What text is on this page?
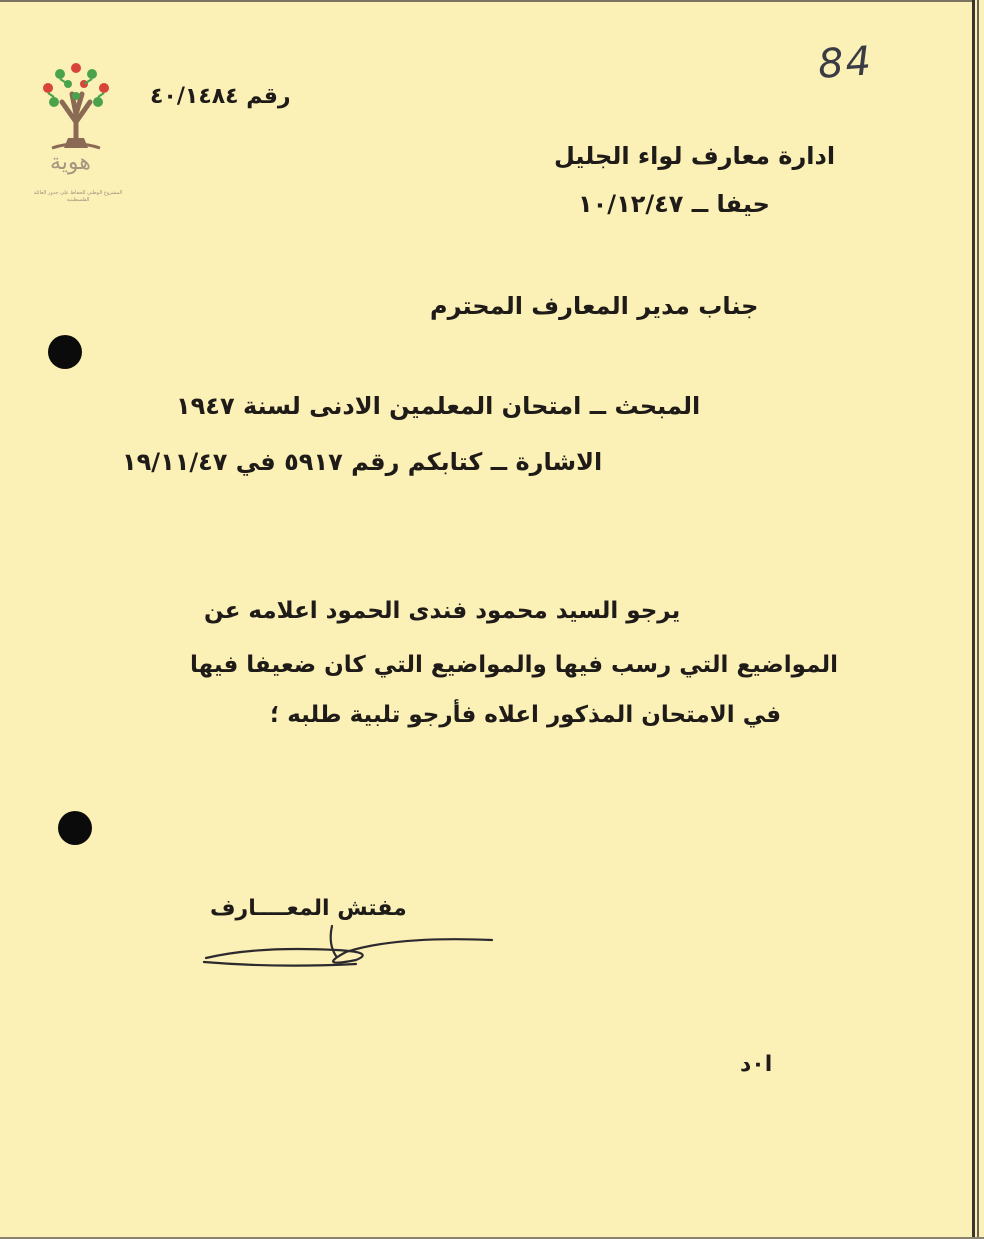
هوية
المشروع الوطني للحفاظ على جذور العائلة الفلسطينية
84
رقم ٤٠/١٤٨٤
ادارة معارف لواء الجليل
حيفا ــ ١٠/١٢/٤٧
جناب مدير المعارف المحترم
المبحث ــ امتحان المعلمين الادنى لسنة ١٩٤٧
الاشارة ــ كتابكم رقم ٥٩١٧ في ١٩/١١/٤٧
يرجو السيد محمود فندى الحمود اعلامه عن
المواضيع التي رسب فيها والمواضيع التي كان ضعيفا فيها
في الامتحان المذكور اعلاه فأرجو تلبية طلبه ؛
مفتش المعــــارف
ا٠د
